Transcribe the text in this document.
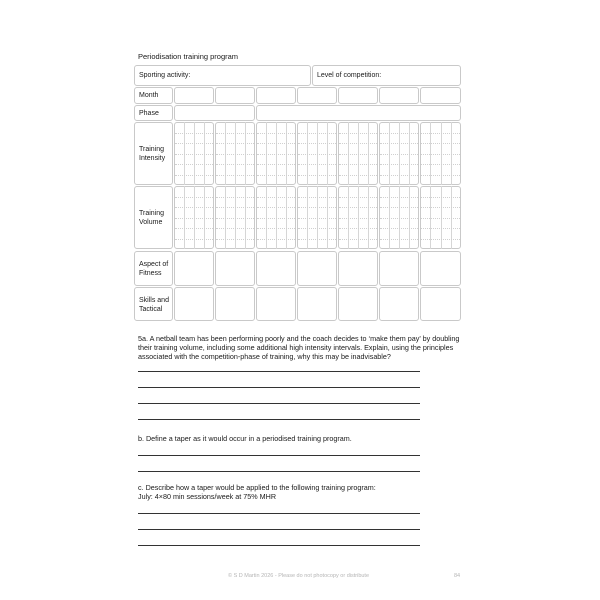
Periodisation training program
Sporting activity:	Level of competition:
Month
Phase
Training
Intensity
Training
Volume
Aspect of
Fitness
Skills and
Tactical
5a. A netball team has been performing poorly and the coach decides to ‘make them pay’ by doubling
their training volume, including some additional high intensity intervals. Explain, using the principles
associated with the competition-phase of training, why this may be inadvisable?
b. Define a taper as it would occur in a periodised training program.
c. Describe how a taper would be applied to the following training program:
July: 4×80 min sessions/week at 75% MHR
© S D Martin 2026 - Please do not photocopy or distribute	84
